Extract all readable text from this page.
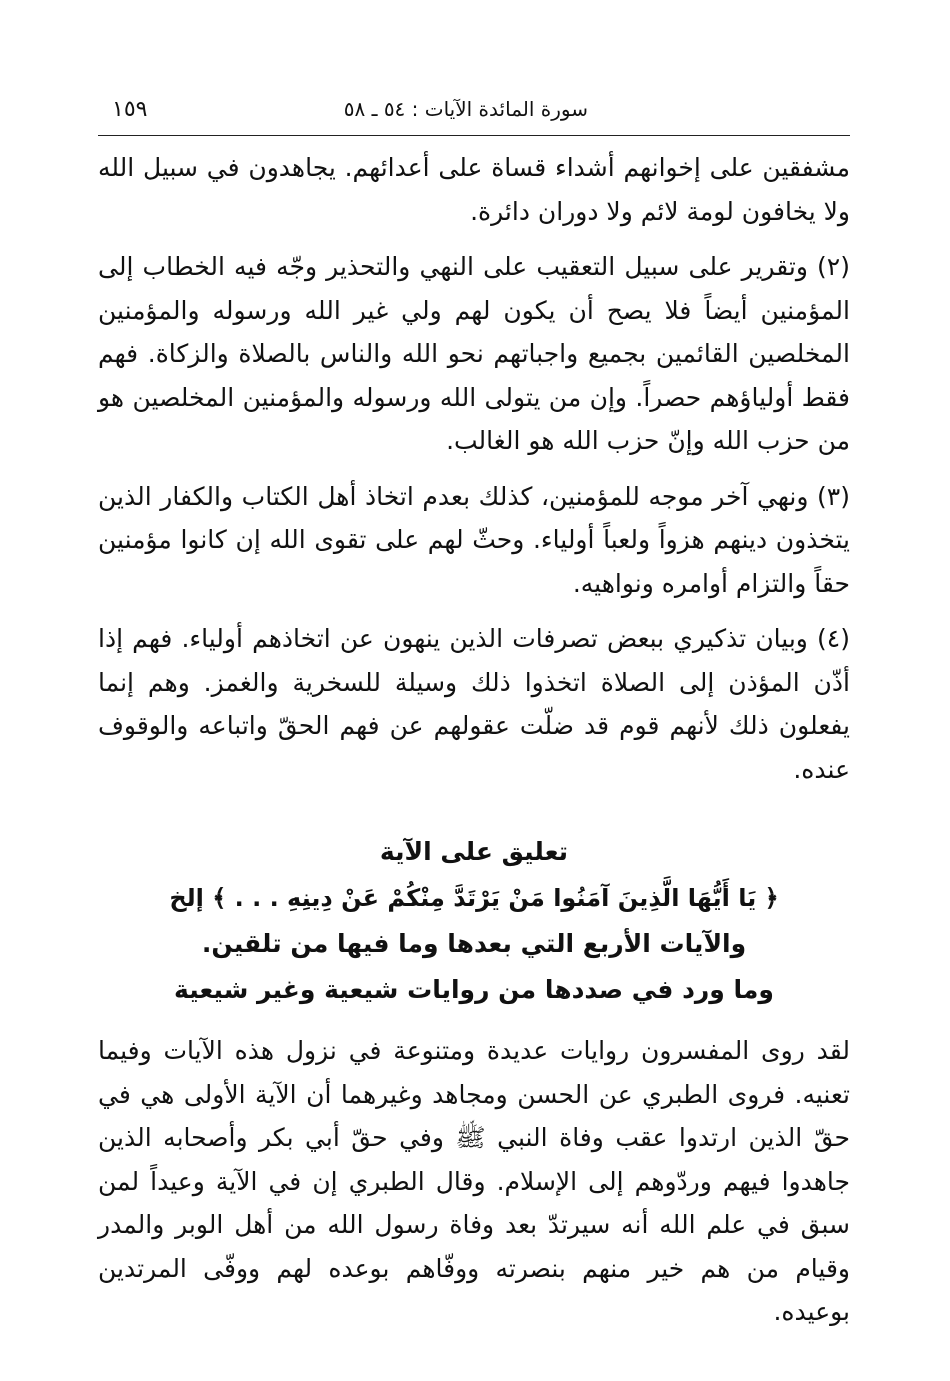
سورة المائدة الآيات : ٥٤ ـ ٥٨
١٥٩

مشفقين على إخوانهم أشداء قساة على أعدائهم. يجاهدون في سبيل الله ولا يخافون لومة لائم ولا دوران دائرة.

(٢) وتقرير على سبيل التعقيب على النهي والتحذير وجّه فيه الخطاب إلى المؤمنين أيضاً فلا يصح أن يكون لهم ولي غير الله ورسوله والمؤمنين المخلصين القائمين بجميع واجباتهم نحو الله والناس بالصلاة والزكاة. فهم فقط أولياؤهم حصراً. وإن من يتولى الله ورسوله والمؤمنين المخلصين هو من حزب الله وإنّ حزب الله هو الغالب.

(٣) ونهي آخر موجه للمؤمنين، كذلك بعدم اتخاذ أهل الكتاب والكفار الذين يتخذون دينهم هزواً ولعباً أولياء. وحثّ لهم على تقوى الله إن كانوا مؤمنين حقاً والتزام أوامره ونواهيه.

(٤) وبيان تذكيري ببعض تصرفات الذين ينهون عن اتخاذهم أولياء. فهم إذا أذّن المؤذن إلى الصلاة اتخذوا ذلك وسيلة للسخرية والغمز. وهم إنما يفعلون ذلك لأنهم قوم قد ضلّت عقولهم عن فهم الحقّ واتباعه والوقوف عنده.

تعليق على الآية
﴿ يَا أَيُّهَا الَّذِينَ آمَنُوا مَنْ يَرْتَدَّ مِنْكُمْ عَنْ دِينِهِ . . . ﴾ إلخ
والآيات الأربع التي بعدها وما فيها من تلقين.
وما ورد في صددها من روايات شيعية وغير شيعية

لقد روى المفسرون روايات عديدة ومتنوعة في نزول هذه الآيات وفيما تعنيه. فروى الطبري عن الحسن ومجاهد وغيرهما أن الآية الأولى هي في حقّ الذين ارتدوا عقب وفاة النبي ﷺ وفي حقّ أبي بكر وأصحابه الذين جاهدوا فيهم وردّوهم إلى الإسلام. وقال الطبري إن في الآية وعيداً لمن سبق في علم الله أنه سيرتدّ بعد وفاة رسول الله من أهل الوبر والمدر وقيام من هم خير منهم بنصرته ووفّاهم بوعده لهم ووفّى المرتدين بوعيده.
